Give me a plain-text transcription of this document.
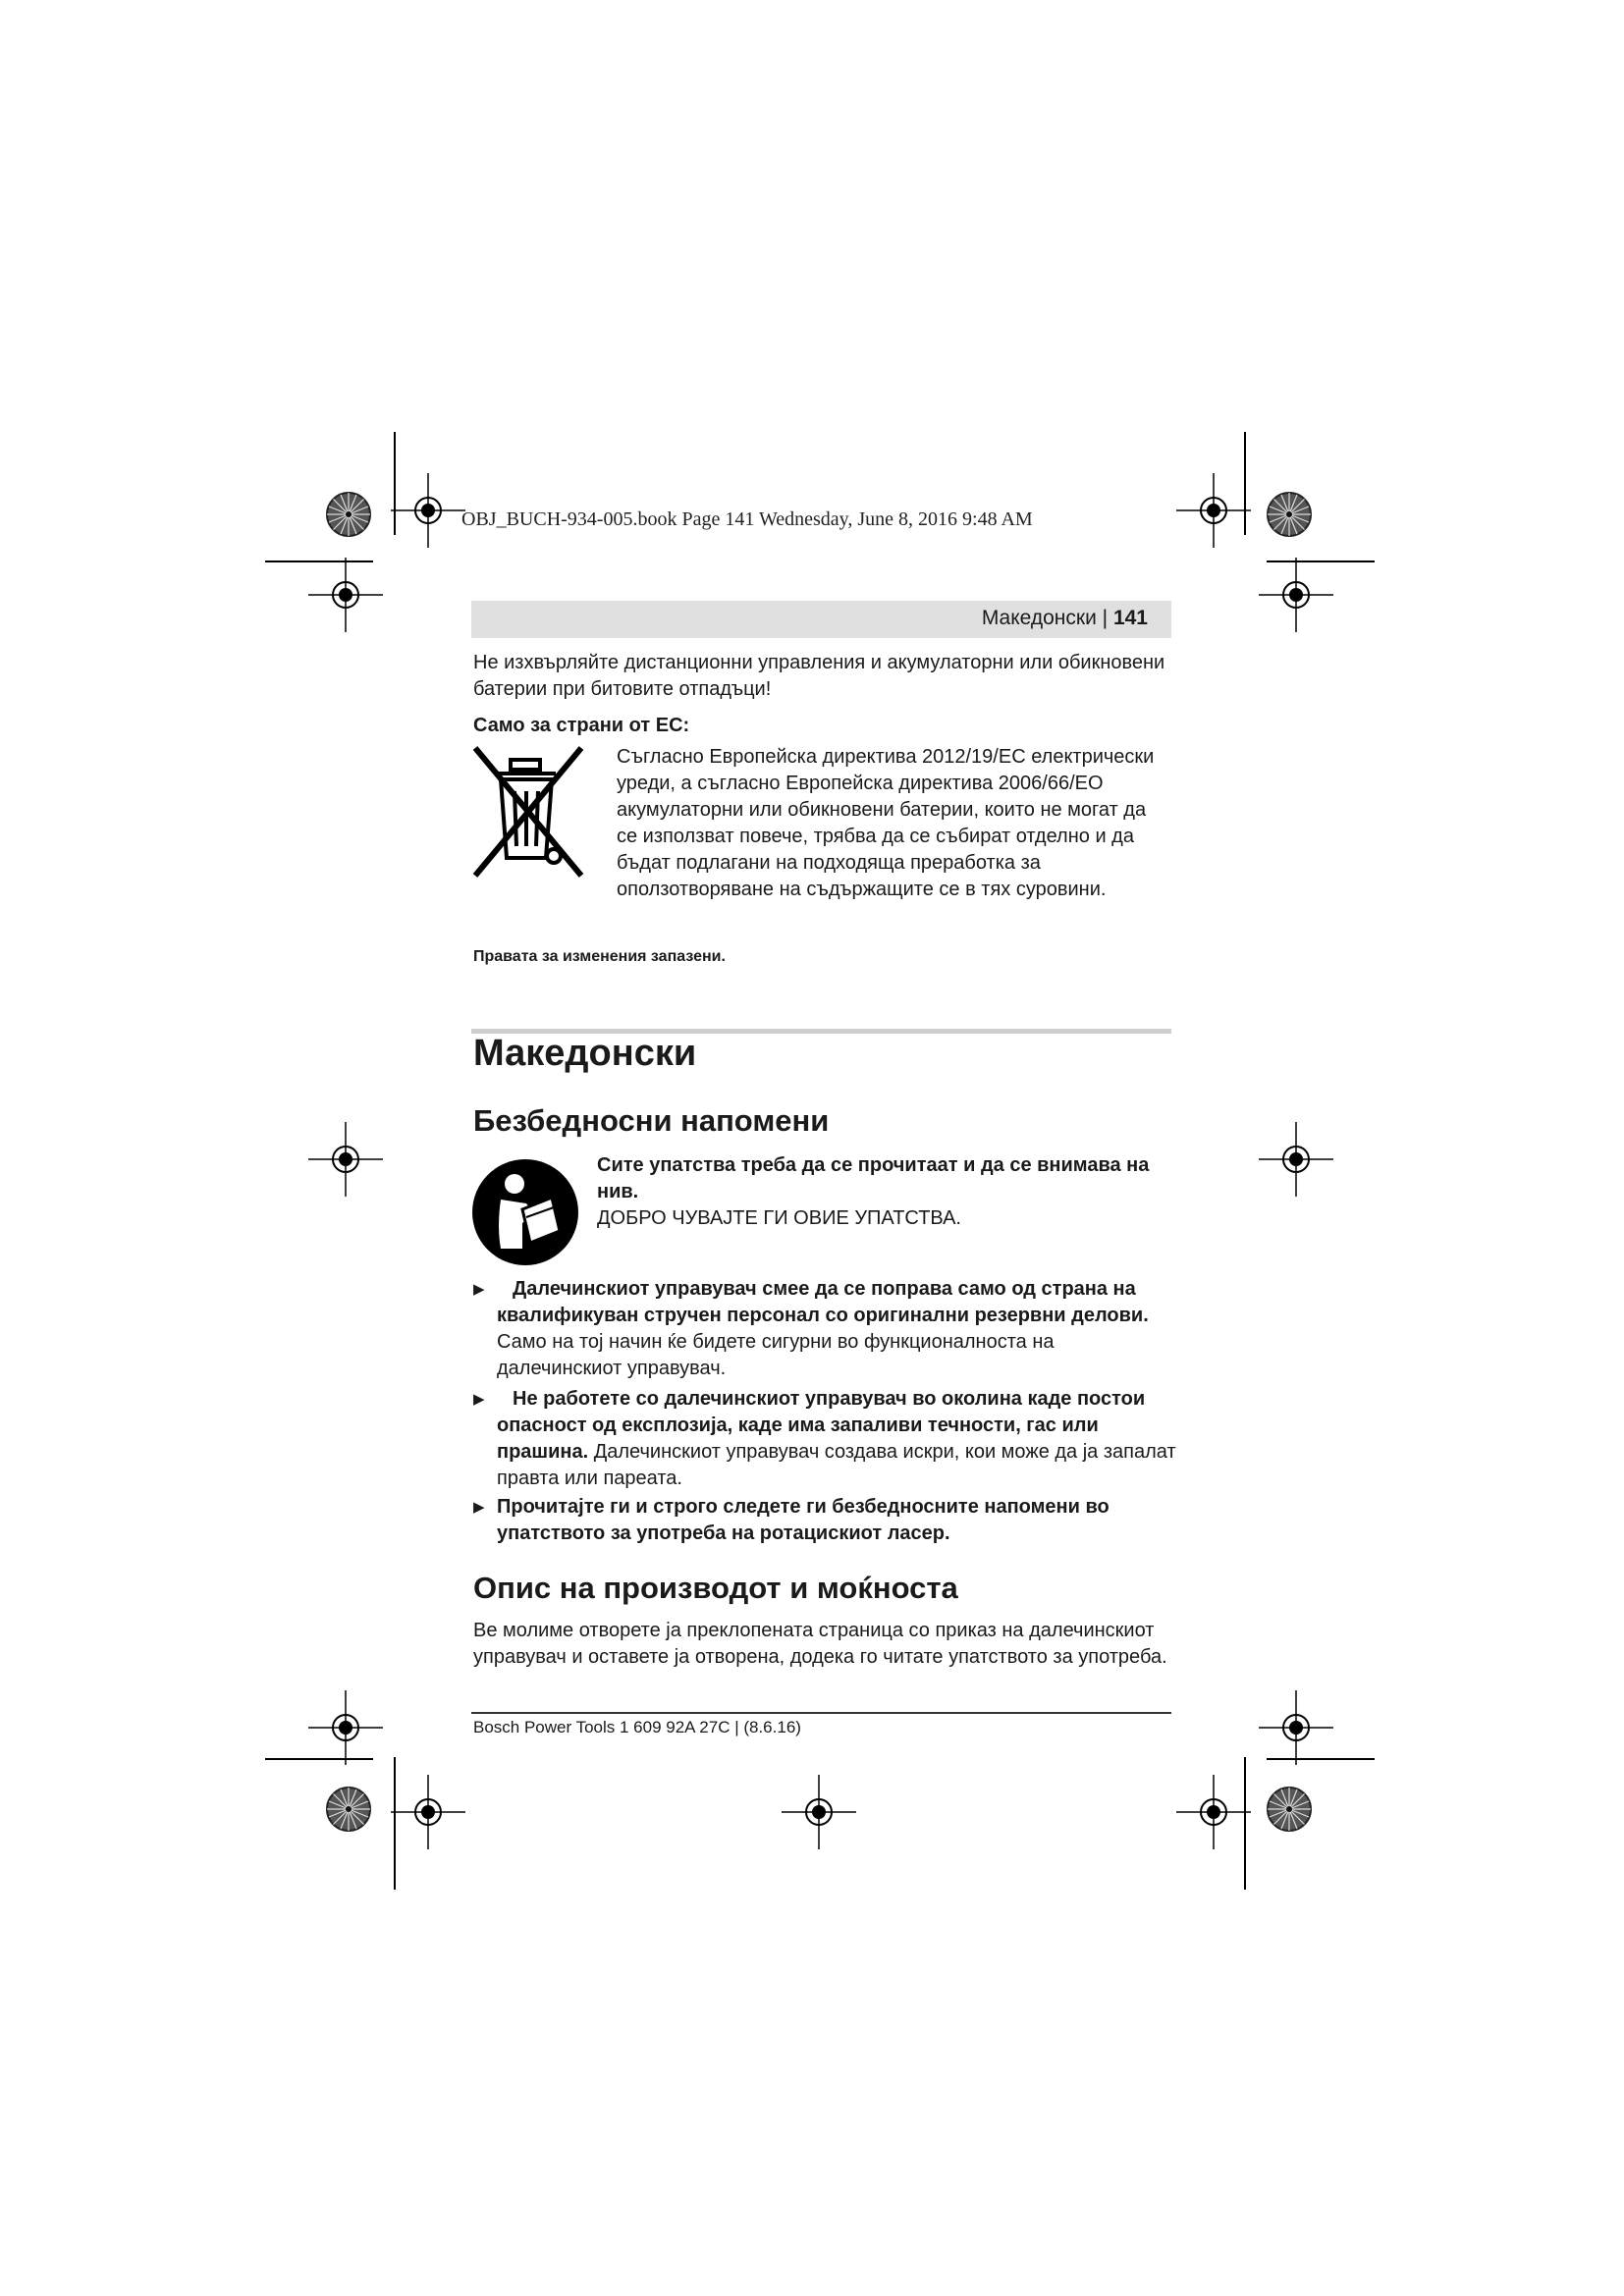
OBJ_BUCH-934-005.book Page 141 Wednesday, June 8, 2016 9:48 AM
Македонски | 141
Не изхвърляйте дистанционни управления и акумулаторни или обикновени батерии при битовите отпадъци!
Само за страни от ЕС:
Съгласно Европейска директива 2012/19/ЕС електрически уреди, а съгласно Европейска директива 2006/66/ЕО акумулаторни или обикновени батерии, които не могат да се използват повече, трябва да се събират отделно и да бъдат подлагани на подходяща преработка за оползотворяване на съдържащите се в тях суровини.
Правата за изменения запазени.
Македонски
Безбедносни напомени
Сите упатства треба да се прочитаат и да се внимава на нив.
ДОБРО ЧУВАЈТЕ ГИ ОВИЕ УПАТСТВА.
▶	Далечинскиот управувач смее да се поправа само од страна на квалификуван стручен персонал со оригинални резервни делови. Само на тој начин ќе бидете сигурни во функционалноста на далечинскиот управувач.
▶	Не работете со далечинскиот управувач во околина каде постои опасност од експлозија, каде има запаливи течности, гас или прашина. Далечинскиот управувач создава искри, кои може да ја запалат правта или пареата.
▶ Прочитајте ги и строго следете ги безбедносните напомени во упатството за употреба на ротацискиот ласер.
Опис на производот и моќноста
Ве молиме отворете ја преклопената страница со приказ на далечинскиот управувач и оставете ја отворена, додека го читате упатството за употреба.
Bosch Power Tools 1 609 92A 27C | (8.6.16)
